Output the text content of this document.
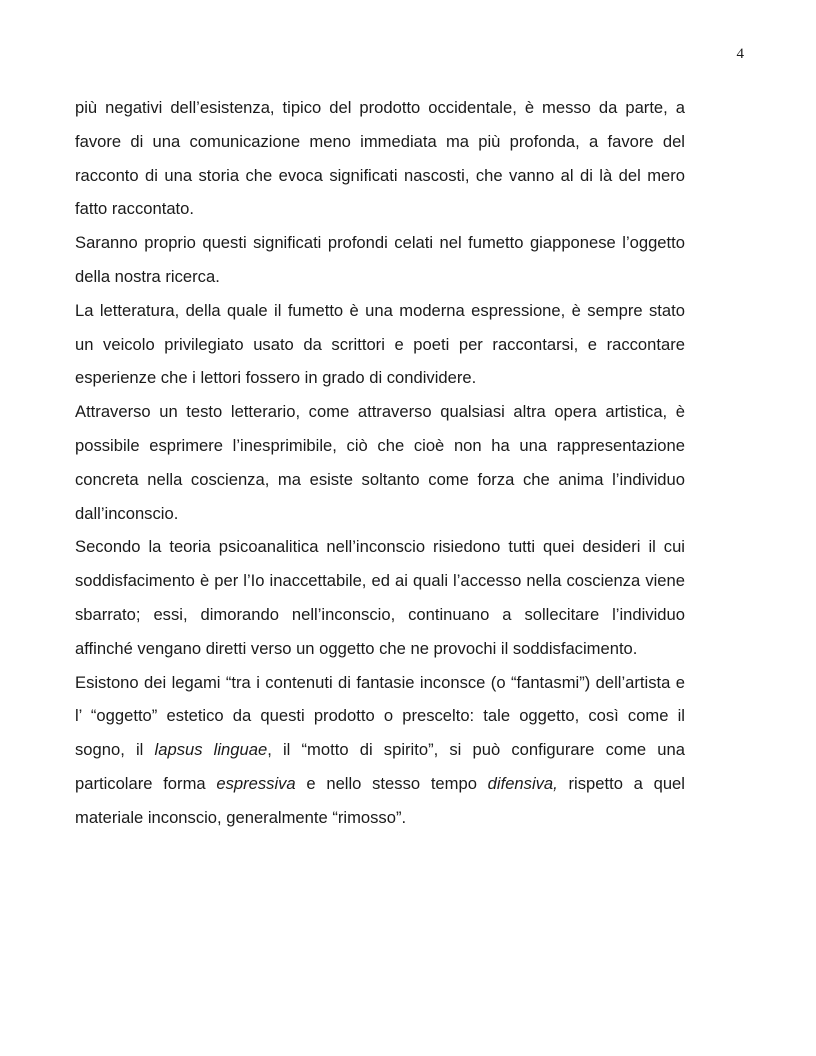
4

più negativi dell’esistenza, tipico del prodotto occidentale, è messo da parte, a favore di una comunicazione meno immediata ma più profonda, a favore del racconto di una storia che evoca significati nascosti, che vanno al di là del mero fatto raccontato.

Saranno proprio questi significati profondi celati nel fumetto giapponese l’oggetto della nostra ricerca.

La letteratura, della quale il fumetto è una moderna espressione, è sempre stato un veicolo privilegiato usato da scrittori e poeti per raccontarsi, e raccontare esperienze che i lettori fossero in grado di condividere.

Attraverso un testo letterario, come attraverso qualsiasi altra opera artistica, è possibile esprimere l’inesprimibile, ciò che cioè non ha una rappresentazione concreta nella coscienza, ma esiste soltanto come forza che anima l’individuo dall’inconscio.

Secondo la teoria psicoanalitica nell’inconscio risiedono tutti quei desideri il cui soddisfacimento è per l’Io inaccettabile, ed ai quali l’accesso nella coscienza viene sbarrato; essi, dimorando nell’inconscio, continuano a sollecitare l’individuo affinché vengano diretti verso un oggetto che ne provochi il soddisfacimento.

Esistono dei legami “tra i contenuti di fantasie inconsce (o “fantasmi”) dell’artista e l’ “oggetto” estetico da questi prodotto o prescelto: tale oggetto, così come il sogno, il lapsus linguae, il “motto di spirito”, si può configurare come una particolare forma espressiva e nello stesso tempo difensiva, rispetto a quel materiale inconscio, generalmente “rimosso”.
